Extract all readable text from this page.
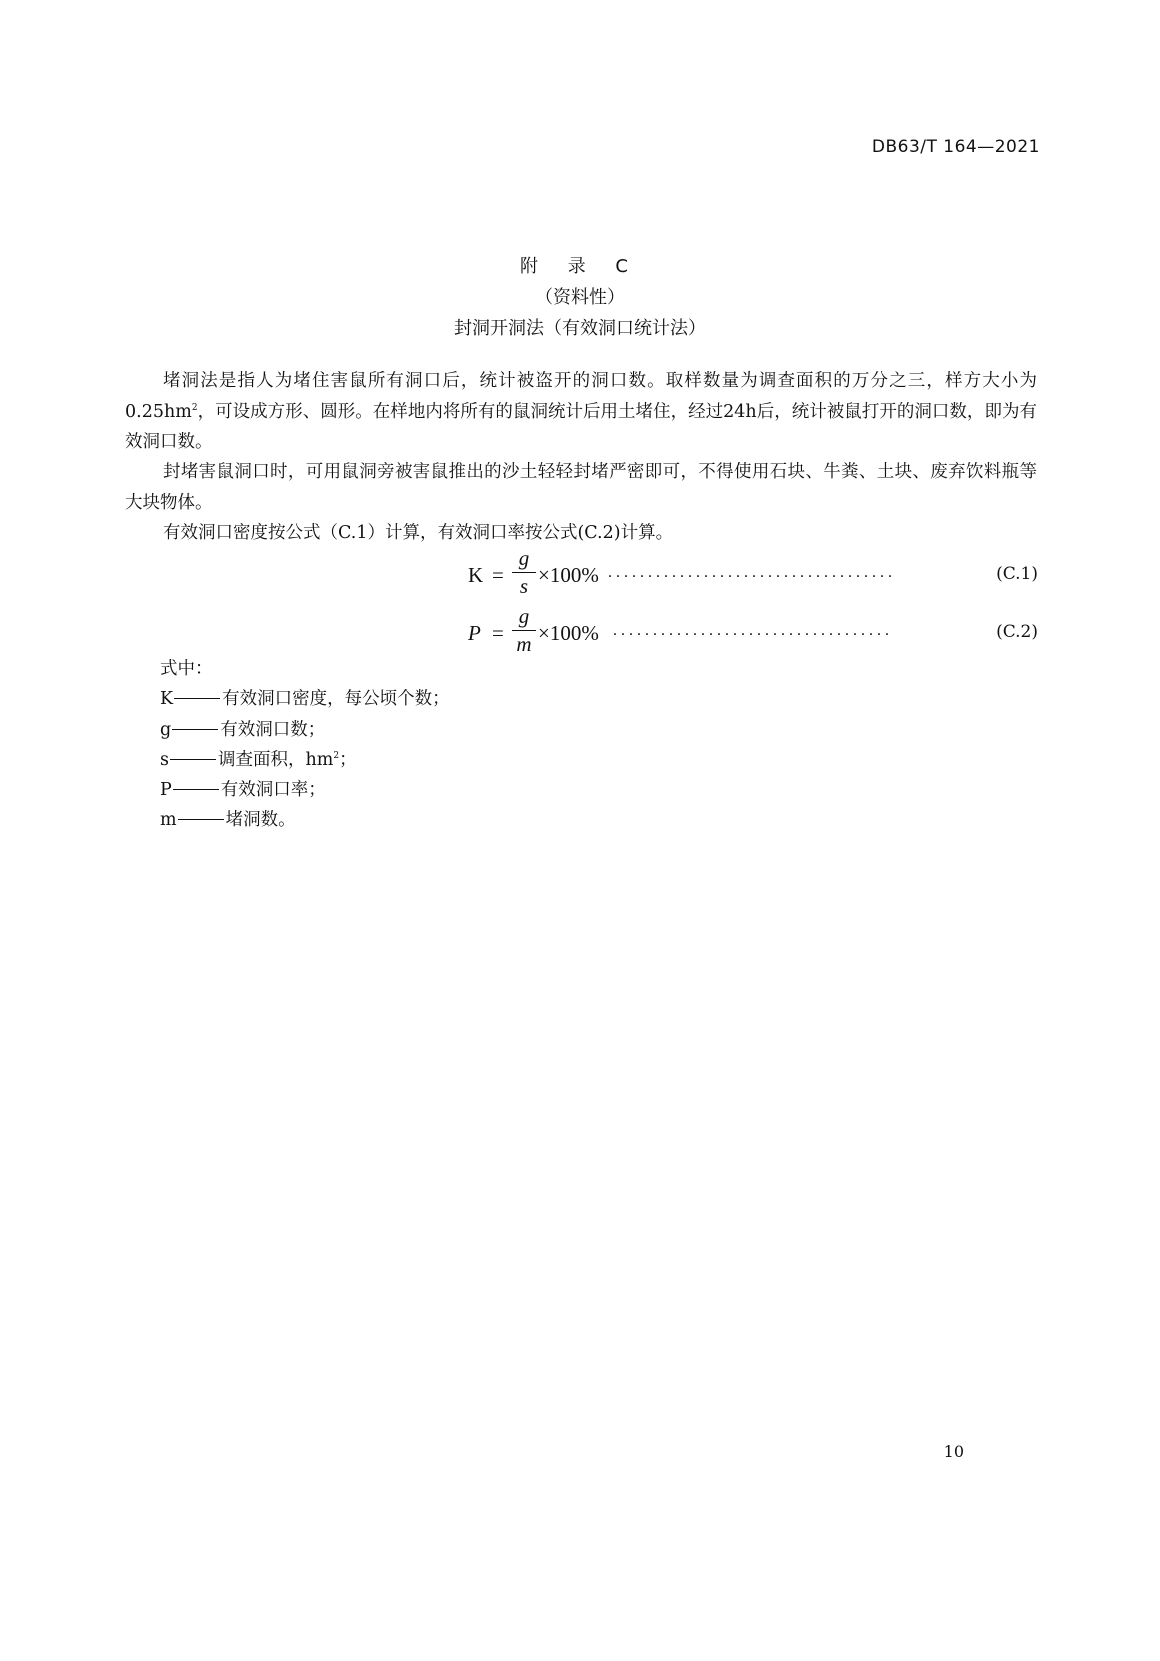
DB63/T 164—2021
附 录 C
（资料性）
封洞开洞法（有效洞口统计法）
堵洞法是指人为堵住害鼠所有洞口后，统计被盗开的洞口数。取样数量为调查面积的万分之三，样方大小为$0.25hm^2$，可设成方形、圆形。在样地内将所有的鼠洞统计后用土堵住，经过24h后，统计被鼠打开的洞口数，即为有效洞口数。
封堵害鼠洞口时，可用鼠洞旁被害鼠推出的沙土轻轻封堵严密即可，不得使用石块、牛粪、土块、废弃饮料瓶等大块物体。
有效洞口密度按公式（C.1）计算，有效洞口率按公式(C.2)计算。
K =
g
s ×100% ....................................	(C.1)
P =
g
m ×100% ...................................	(C.2)
式中：
K	有效洞口密度，每公顷个数；
g	有效洞口数；
s	调查面积，$hm^2$；
P	有效洞口率；
m	堵洞数。
10
